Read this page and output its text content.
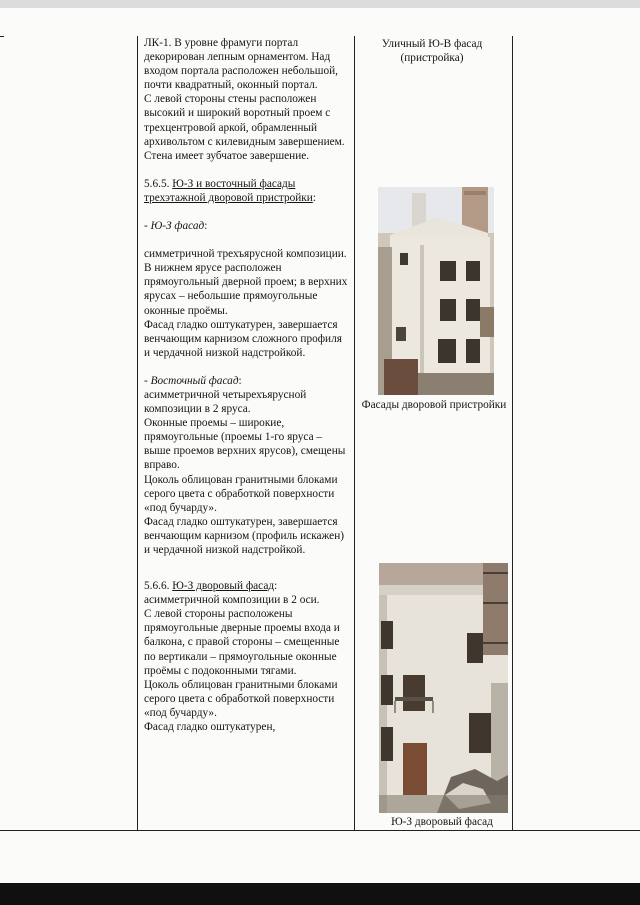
ЛК-1. В уровне фрамуги портал декорирован лепным орнаментом. Над входом портала расположен небольшой, почти квадратный, оконный портал.

С левой стороны стены расположен высокий и широкий воротный проем с трехцентровой аркой, обрамленный архивольтом с килевидным завершением.

Стена имеет зубчатое завершение.

5.6.5. Ю-З и восточный фасады трехэтажной дворовой пристройки:

- Ю-З фасад:

симметричной трехъярусной композиции.

В нижнем ярусе расположен прямоугольный дверной проем; в верхних ярусах – небольшие прямоугольные оконные проёмы.

Фасад гладко оштукатурен, завершается венчающим карнизом сложного профиля и чердачной низкой надстройкой.

- Восточный фасад:

асимметричной четырехъярусной композиции в 2 яруса.

Оконные проемы – широкие, прямоугольные (проемы 1-го яруса – выше проемов верхних ярусов), смещены вправо.

Цоколь облицован гранитными блоками серого цвета с обработкой поверхности «под бучарду».

Фасад гладко оштукатурен, завершается венчающим карнизом (профиль искажен) и чердачной низкой надстройкой.

5.6.6. Ю-З дворовый фасад:

асимметричной композиции в 2 оси.

С левой стороны расположены прямоугольные дверные проемы входа и балкона, с правой стороны – смещенные по вертикали – прямоугольные оконные проёмы с подоконными тягами.

Цоколь облицован гранитными блоками серого цвета с обработкой поверхности «под бучарду».

Фасад гладко оштукатурен,

Уличный Ю-В фасад (пристройка)
Фасады дворовой пристройки
Ю-З дворовый фасад
